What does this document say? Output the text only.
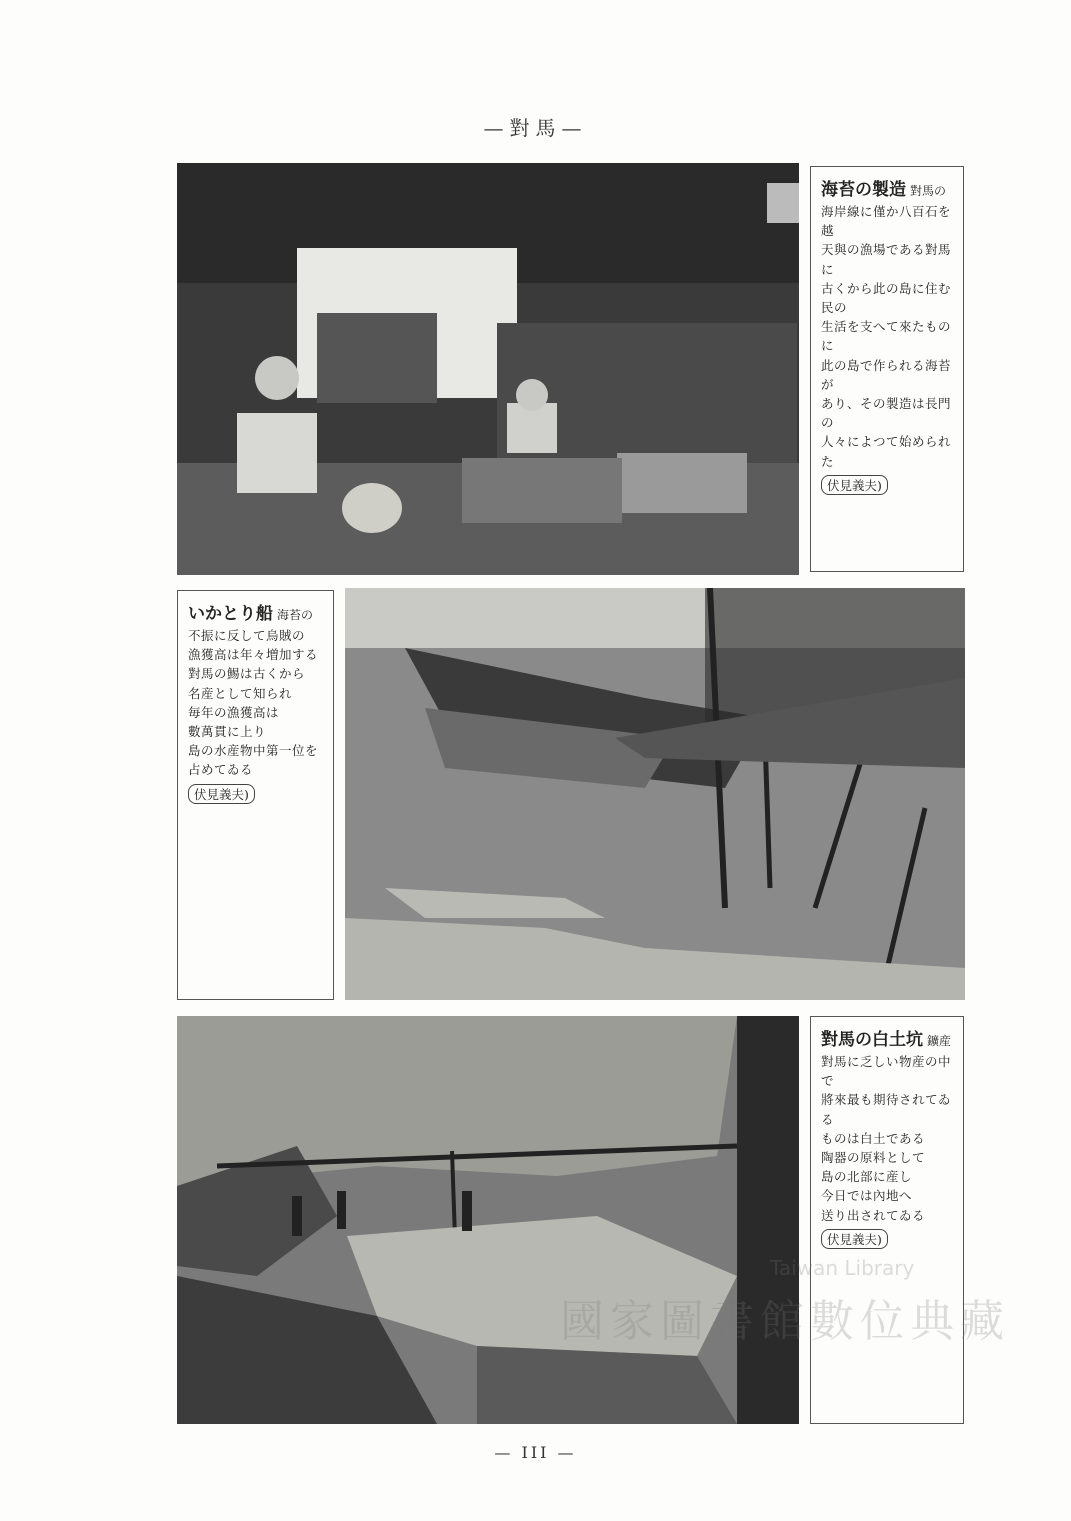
—對馬—
海苔の製造 對馬の
海岸線に僅か八百石を越
天與の漁場である對馬に
古くから此の島に住む民の
生活を支へて來たものに
此の島で作られる海苔が
あり、その製造は長門の
人々によつて始められた
伏見義夫)
いかとり船 海苔の
不振に反して烏賊の
漁獲高は年々増加する
對馬の鯣は古くから
名産として知られ
毎年の漁獲高は
數萬貫に上り
島の水産物中第一位を
占めてゐる
伏見義夫)
對馬の白土坑 鑛産
對馬に乏しい物産の中で
將來最も期待されてゐる
ものは白土である
陶器の原料として
島の北部に産し
今日では內地へ
送り出されてゐる
伏見義夫)
Taiwan Library
國家圖書館數位典藏
— III —
